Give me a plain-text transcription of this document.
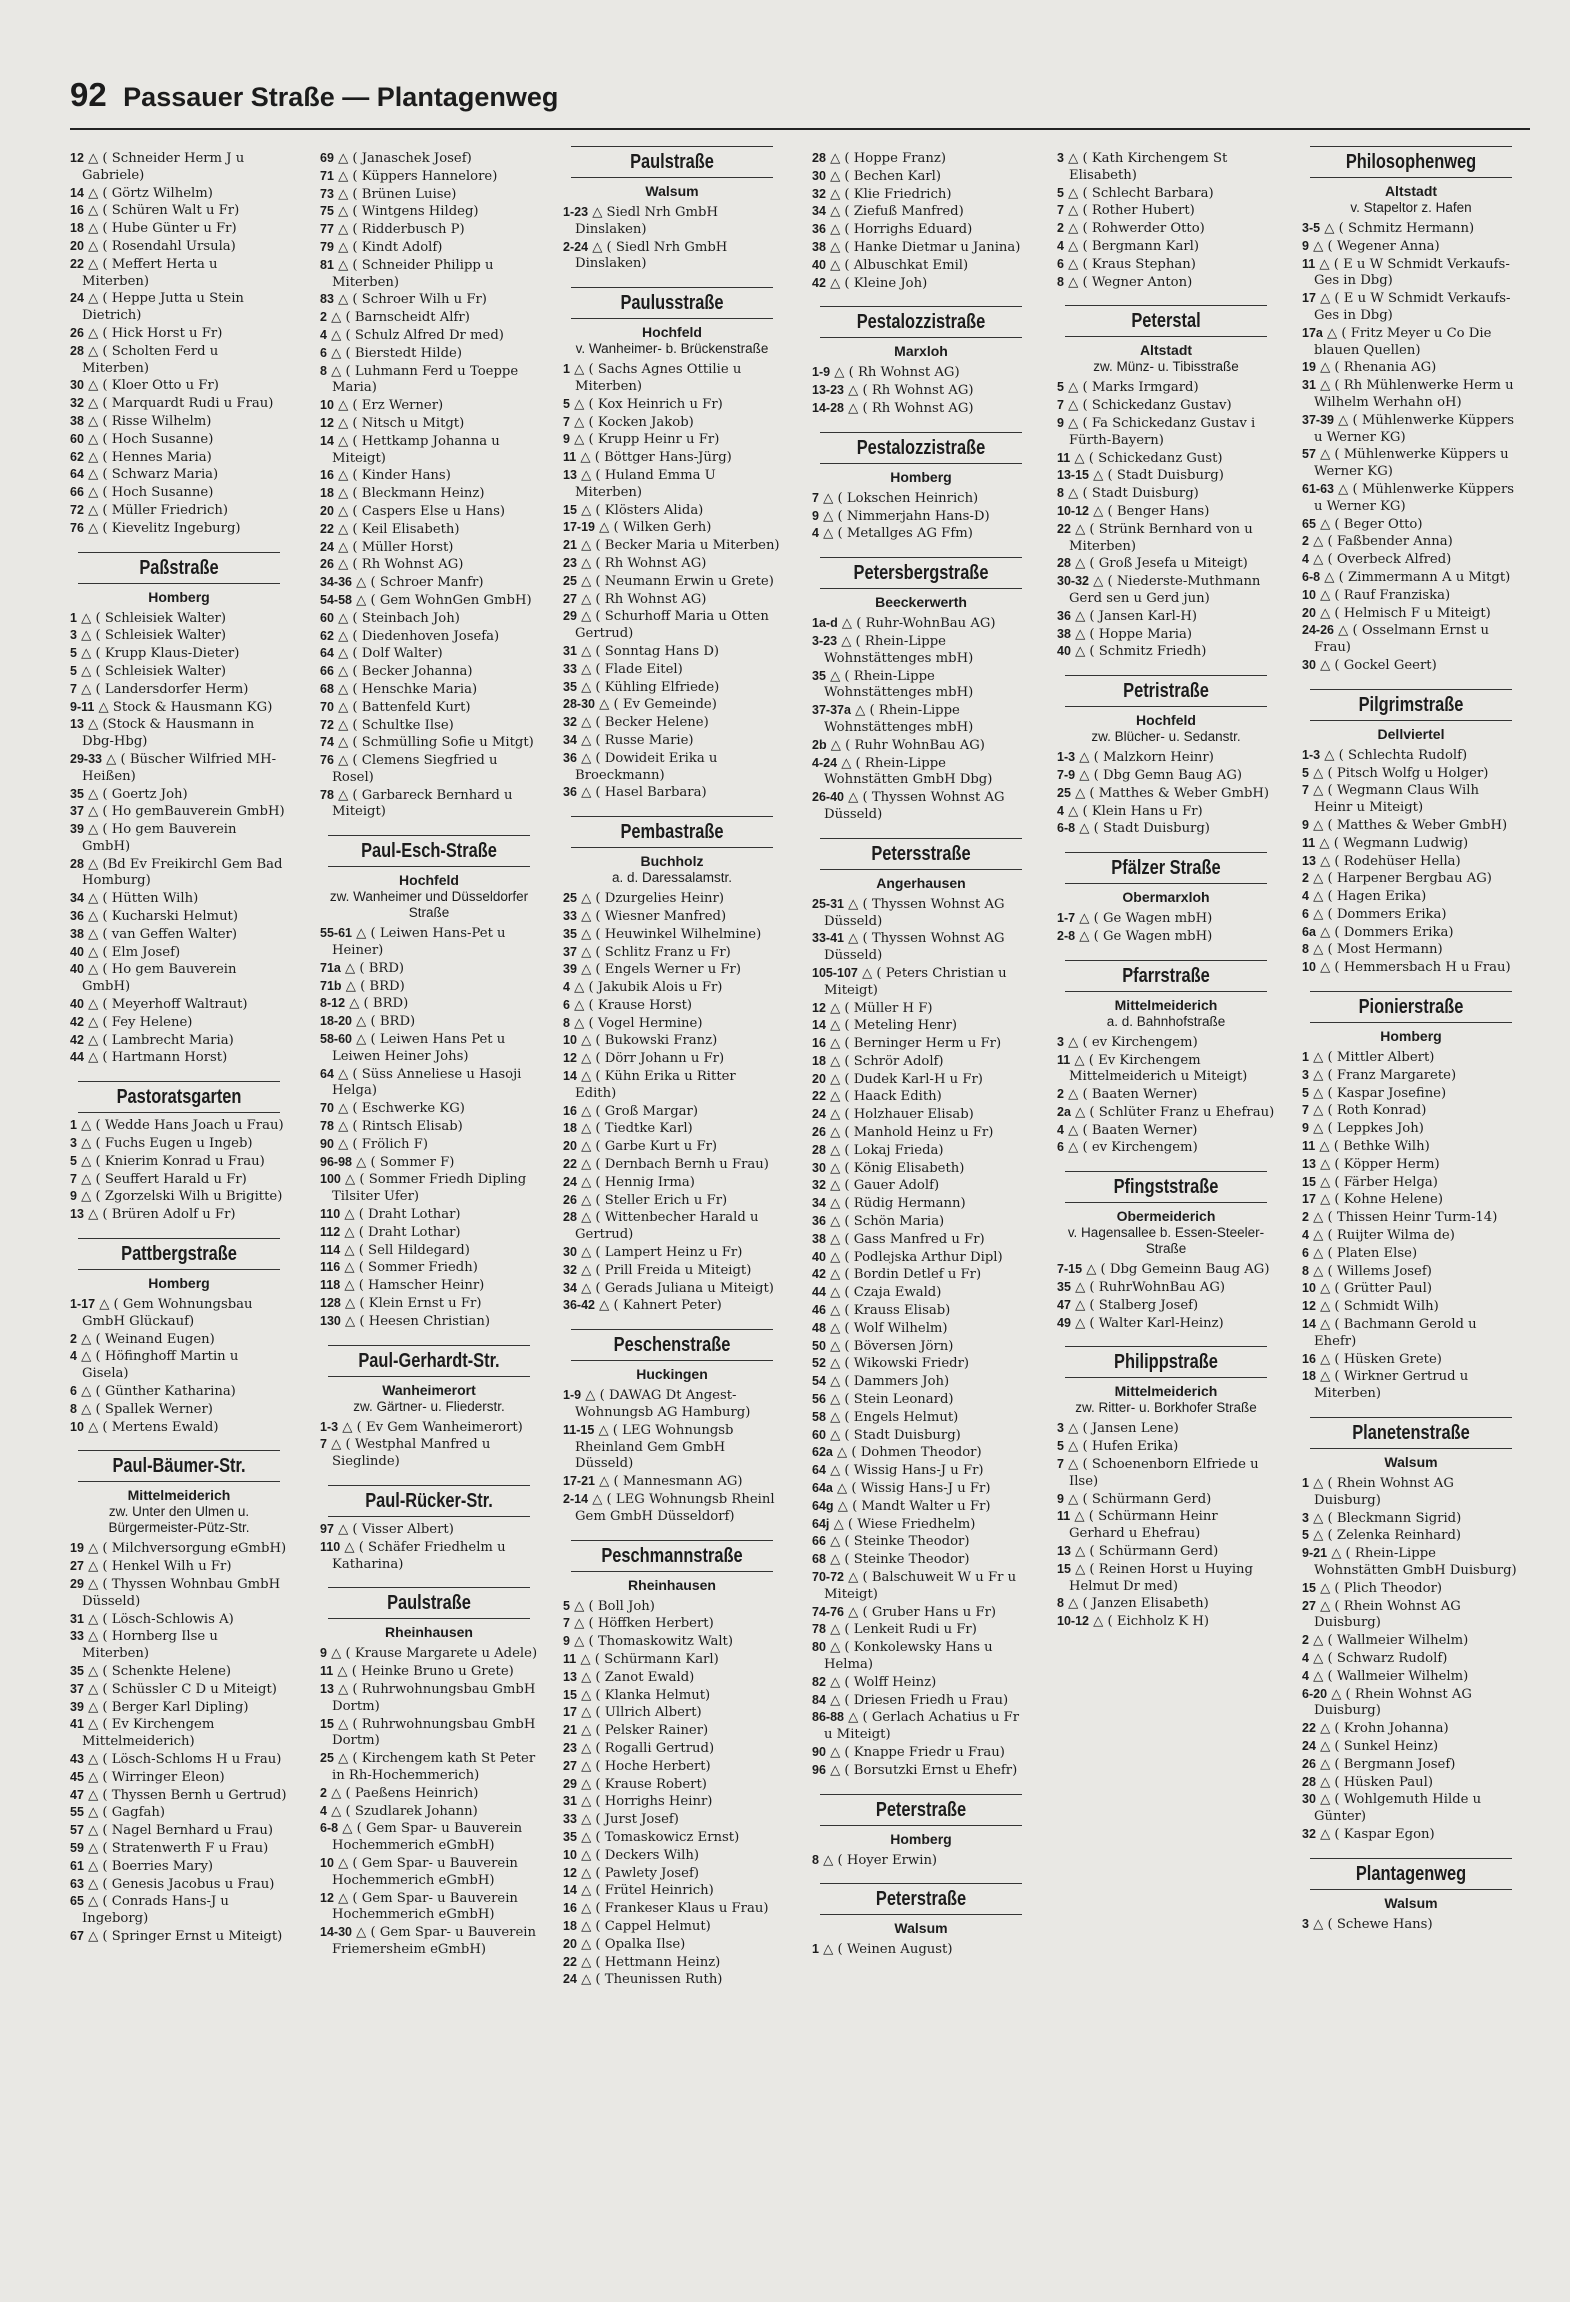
92 Passauer Straße — Plantagenweg
12 △ ( Schneider Herm J u Gabriele)
14 △ ( Görtz Wilhelm)
16 △ ( Schüren Walt u Fr)
18 △ ( Hube Günter u Fr)
20 △ ( Rosendahl Ursula)
22 △ ( Meffert Herta u Miterben)
24 △ ( Heppe Jutta u Stein Dietrich)
26 △ ( Hick Horst u Fr)
28 △ ( Scholten Ferd u Miterben)
30 △ ( Kloer Otto u Fr)
32 △ ( Marquardt Rudi u Frau)
38 △ ( Risse Wilhelm)
60 △ ( Hoch Susanne)
62 △ ( Hennes Maria)
64 △ ( Schwarz Maria)
66 △ ( Hoch Susanne)
72 △ ( Müller Friedrich)
76 △ ( Kievelitz Ingeburg)
Paßstraße
Homberg
1 △ ( Schleisiek Walter)
3 △ ( Schleisiek Walter)
5 △ ( Krupp Klaus-Dieter)
5 △ ( Schleisiek Walter)
7 △ ( Landersdorfer Herm)
9-11 △ Stock & Hausmann KG)
13 △ (Stock & Hausmann in Dbg-Hbg)
29-33 △ ( Büscher Wilfried MH-Heißen)
35 △ ( Goertz Joh)
37 △ ( Ho gemBauverein GmbH)
39 △ ( Ho gem Bauverein GmbH)
28 △ (Bd Ev Freikirchl Gem Bad Homburg)
34 △ ( Hütten Wilh)
36 △ ( Kucharski Helmut)
38 △ ( van Geffen Walter)
40 △ ( Elm Josef)
40 △ ( Ho gem Bauverein GmbH)
40 △ ( Meyerhoff Waltraut)
42 △ ( Fey Helene)
42 △ ( Lambrecht Maria)
44 △ ( Hartmann Horst)
Pastoratsgarten
1 △ ( Wedde Hans Joach u Frau)
3 △ ( Fuchs Eugen u Ingeb)
5 △ ( Knierim Konrad u Frau)
7 △ ( Seuffert Harald u Fr)
9 △ ( Zgorzelski Wilh u Brigitte)
13 △ ( Brüren Adolf u Fr)
Pattbergstraße
Homberg
1-17 △ ( Gem Wohnungsbau GmbH Glückauf)
2 △ ( Weinand Eugen)
4 △ ( Höfinghoff Martin u Gisela)
6 △ ( Günther Katharina)
8 △ ( Spallek Werner)
10 △ ( Mertens Ewald)
Paul-Bäumer-Str.
Mittelmeiderich
zw. Unter den Ulmen u. Bürgermeister-Pütz-Str.
19 △ ( Milchversorgung eGmbH)
27 △ ( Henkel Wilh u Fr)
29 △ ( Thyssen Wohnbau GmbH Düsseld)
31 △ ( Lösch-Schlowis A)
33 △ ( Hornberg Ilse u Miterben)
35 △ ( Schenkte Helene)
37 △ ( Schüssler C D u Miteigt)
39 △ ( Berger Karl Dipling)
41 △ ( Ev Kirchengem Mittelmeiderich)
43 △ ( Lösch-Schloms H u Frau)
45 △ ( Wirringer Eleon)
47 △ ( Thyssen Bernh u Gertrud)
55 △ ( Gagfah)
57 △ ( Nagel Bernhard u Frau)
59 △ ( Stratenwerth F u Frau)
61 △ ( Boerries Mary)
63 △ ( Genesis Jacobus u Frau)
65 △ ( Conrads Hans-J u Ingeborg)
67 △ ( Springer Ernst u Miteigt)
69 △ ( Janaschek Josef)
71 △ ( Küppers Hannelore)
73 △ ( Brünen Luise)
75 △ ( Wintgens Hildeg)
77 △ ( Ridderbusch P)
79 △ ( Kindt Adolf)
81 △ ( Schneider Philipp u Miterben)
83 △ ( Schroer Wilh u Fr)
2 △ ( Barnscheidt Alfr)
4 △ ( Schulz Alfred Dr med)
6 △ ( Bierstedt Hilde)
8 △ ( Luhmann Ferd u Toeppe Maria)
10 △ ( Erz Werner)
12 △ ( Nitsch u Mitgt)
14 △ ( Hettkamp Johanna u Miteigt)
16 △ ( Kinder Hans)
18 △ ( Bleckmann Heinz)
20 △ ( Caspers Else u Hans)
22 △ ( Keil Elisabeth)
24 △ ( Müller Horst)
26 △ ( Rh Wohnst AG)
34-36 △ ( Schroer Manfr)
54-58 △ ( Gem WohnGen GmbH)
60 △ ( Steinbach Joh)
62 △ ( Diedenhoven Josefa)
64 △ ( Dolf Walter)
66 △ ( Becker Johanna)
68 △ ( Henschke Maria)
70 △ ( Battenfeld Kurt)
72 △ ( Schultke Ilse)
74 △ ( Schmülling Sofie u Mitgt)
76 △ ( Clemens Siegfried u Rosel)
78 △ ( Garbareck Bernhard u Miteigt)
Paul-Esch-Straße
Hochfeld
zw. Wanheimer und Düsseldorfer Straße
55-61 △ ( Leiwen Hans-Pet u Heiner)
71a △ ( BRD)
71b △ ( BRD)
8-12 △ ( BRD)
18-20 △ ( BRD)
58-60 △ ( Leiwen Hans Pet u Leiwen Heiner Johs)
64 △ ( Süss Anneliese u Hasoji Helga)
70 △ ( Eschwerke KG)
78 △ ( Rintsch Elisab)
90 △ ( Frölich F)
96-98 △ ( Sommer F)
100 △ ( Sommer Friedh Dipling Tilsiter Ufer)
110 △ ( Draht Lothar)
112 △ ( Draht Lothar)
114 △ ( Sell Hildegard)
116 △ ( Sommer Friedh)
118 △ ( Hamscher Heinr)
128 △ ( Klein Ernst u Fr)
130 △ ( Heesen Christian)
Paul-Gerhardt-Str.
Wanheimerort
zw. Gärtner- u. Fliederstr.
1-3 △ ( Ev Gem Wanheimerort)
7 △ ( Westphal Manfred u Sieglinde)
Paul-Rücker-Str.
97 △ ( Visser Albert)
110 △ ( Schäfer Friedhelm u Katharina)
Paulstraße
Rheinhausen
9 △ ( Krause Margarete u Adele)
11 △ ( Heinke Bruno u Grete)
13 △ ( Ruhrwohnungsbau GmbH Dortm)
15 △ ( Ruhrwohnungsbau GmbH Dortm)
25 △ ( Kirchengem kath St Peter in Rh-Hochemmerich)
2 △ ( Paeßens Heinrich)
4 △ ( Szudlarek Johann)
6-8 △ ( Gem Spar- u Bauverein Hochemmerich eGmbH)
10 △ ( Gem Spar- u Bauverein Hochemmerich eGmbH)
12 △ ( Gem Spar- u Bauverein Hochemmerich eGmbH)
14-30 △ ( Gem Spar- u Bauverein Friemersheim eGmbH)
Paulstraße
Walsum
1-23 △ Siedl Nrh GmbH Dinslaken)
2-24 △ ( Siedl Nrh GmbH Dinslaken)
Paulusstraße
Hochfeld
v. Wanheimer- b. Brückenstraße
1 △ ( Sachs Agnes Ottilie u Miterben)
5 △ ( Kox Heinrich u Fr)
7 △ ( Kocken Jakob)
9 △ ( Krupp Heinr u Fr)
11 △ ( Böttger Hans-Jürg)
13 △ ( Huland Emma U Miterben)
15 △ ( Klösters Alida)
17-19 △ ( Wilken Gerh)
21 △ ( Becker Maria u Miterben)
23 △ ( Rh Wohnst AG)
25 △ ( Neumann Erwin u Grete)
27 △ ( Rh Wohnst AG)
29 △ ( Schurhoff Maria u Otten Gertrud)
31 △ ( Sonntag Hans D)
33 △ ( Flade Eitel)
35 △ ( Kühling Elfriede)
28-30 △ ( Ev Gemeinde)
32 △ ( Becker Helene)
34 △ ( Russe Marie)
36 △ ( Dowideit Erika u Broeckmann)
36 △ ( Hasel Barbara)
Pembastraße
Buchholz
a. d. Daressalamstr.
25 △ ( Dzurgelies Heinr)
33 △ ( Wiesner Manfred)
35 △ ( Heuwinkel Wilhelmine)
37 △ ( Schlitz Franz u Fr)
39 △ ( Engels Werner u Fr)
4 △ ( Jakubik Alois u Fr)
6 △ ( Krause Horst)
8 △ ( Vogel Hermine)
10 △ ( Bukowski Franz)
12 △ ( Dörr Johann u Fr)
14 △ ( Kühn Erika u Ritter Edith)
16 △ ( Groß Margar)
18 △ ( Tiedtke Karl)
20 △ ( Garbe Kurt u Fr)
22 △ ( Dernbach Bernh u Frau)
24 △ ( Hennig Irma)
26 △ ( Steller Erich u Fr)
28 △ ( Wittenbecher Harald u Gertrud)
30 △ ( Lampert Heinz u Fr)
32 △ ( Prill Freida u Miteigt)
34 △ ( Gerads Juliana u Miteigt)
36-42 △ ( Kahnert Peter)
Peschenstraße
Huckingen
1-9 △ ( DAWAG Dt Angest-Wohnungsb AG Hamburg)
11-15 △ ( LEG Wohnungsb Rheinland Gem GmbH Düsseld)
17-21 △ ( Mannesmann AG)
2-14 △ ( LEG Wohnungsb Rheinl Gem GmbH Düsseldorf)
Peschmannstraße
Rheinhausen
5 △ ( Boll Joh)
7 △ ( Höffken Herbert)
9 △ ( Thomaskowitz Walt)
11 △ ( Schürmann Karl)
13 △ ( Zanot Ewald)
15 △ ( Klanka Helmut)
17 △ ( Ullrich Albert)
21 △ ( Pelsker Rainer)
23 △ ( Rogalli Gertrud)
27 △ ( Hoche Herbert)
29 △ ( Krause Robert)
31 △ ( Horrighs Heinr)
33 △ ( Jurst Josef)
35 △ ( Tomaskowicz Ernst)
10 △ ( Deckers Wilh)
12 △ ( Pawlety Josef)
14 △ ( Frütel Heinrich)
16 △ ( Frankeser Klaus u Frau)
18 △ ( Cappel Helmut)
20 △ ( Opalka Ilse)
22 △ ( Hettmann Heinz)
24 △ ( Theunissen Ruth)
28 △ ( Hoppe Franz)
30 △ ( Bechen Karl)
32 △ ( Klie Friedrich)
34 △ ( Ziefuß Manfred)
36 △ ( Horrighs Eduard)
38 △ ( Hanke Dietmar u Janina)
40 △ ( Albuschkat Emil)
42 △ ( Kleine Joh)
Pestalozzistraße
Marxloh
1-9 △ ( Rh Wohnst AG)
13-23 △ ( Rh Wohnst AG)
14-28 △ ( Rh Wohnst AG)
Pestalozzistraße
Homberg
7 △ ( Lokschen Heinrich)
9 △ ( Nimmerjahn Hans-D)
4 △ ( Metallges AG Ffm)
Petersbergstraße
Beeckerwerth
1a-d △ ( Ruhr-WohnBau AG)
3-23 △ ( Rhein-Lippe Wohnstättenges mbH)
35 △ ( Rhein-Lippe Wohnstättenges mbH)
37-37a △ ( Rhein-Lippe Wohnstättenges mbH)
2b △ ( Ruhr WohnBau AG)
4-24 △ ( Rhein-Lippe Wohnstätten GmbH Dbg)
26-40 △ ( Thyssen Wohnst AG Düsseld)
Petersstraße
Angerhausen
25-31 △ ( Thyssen Wohnst AG Düsseld)
33-41 △ ( Thyssen Wohnst AG Düsseld)
105-107 △ ( Peters Christian u Miteigt)
12 △ ( Müller H F)
14 △ ( Meteling Henr)
16 △ ( Berninger Herm u Fr)
18 △ ( Schrör Adolf)
20 △ ( Dudek Karl-H u Fr)
22 △ ( Haack Edith)
24 △ ( Holzhauer Elisab)
26 △ ( Manhold Heinz u Fr)
28 △ ( Lokaj Frieda)
30 △ ( König Elisabeth)
32 △ ( Gauer Adolf)
34 △ ( Rüdig Hermann)
36 △ ( Schön Maria)
38 △ ( Gass Manfred u Fr)
40 △ ( Podlejska Arthur Dipl)
42 △ ( Bordin Detlef u Fr)
44 △ ( Czaja Ewald)
46 △ ( Krauss Elisab)
48 △ ( Wolf Wilhelm)
50 △ ( Böversen Jörn)
52 △ ( Wikowski Friedr)
54 △ ( Dammers Joh)
56 △ ( Stein Leonard)
58 △ ( Engels Helmut)
60 △ ( Stadt Duisburg)
62a △ ( Dohmen Theodor)
64 △ ( Wissig Hans-J u Fr)
64a △ ( Wissig Hans-J u Fr)
64g △ ( Mandt Walter u Fr)
64j △ ( Wiese Friedhelm)
66 △ ( Steinke Theodor)
68 △ ( Steinke Theodor)
70-72 △ ( Balschuweit W u Fr u Miteigt)
74-76 △ ( Gruber Hans u Fr)
78 △ ( Lenkeit Rudi u Fr)
80 △ ( Konkolewsky Hans u Helma)
82 △ ( Wolff Heinz)
84 △ ( Driesen Friedh u Frau)
86-88 △ ( Gerlach Achatius u Fr u Miteigt)
90 △ ( Knappe Friedr u Frau)
96 △ ( Borsutzki Ernst u Ehefr)
Peterstraße
Homberg
8 △ ( Hoyer Erwin)
Peterstraße
Walsum
1 △ ( Weinen August)
3 △ ( Kath Kirchengem St Elisabeth)
5 △ ( Schlecht Barbara)
7 △ ( Rother Hubert)
2 △ ( Rohwerder Otto)
4 △ ( Bergmann Karl)
6 △ ( Kraus Stephan)
8 △ ( Wegner Anton)
Peterstal
Altstadt
zw. Münz- u. Tibisstraße
5 △ ( Marks Irmgard)
7 △ ( Schickedanz Gustav)
9 △ ( Fa Schickedanz Gustav i Fürth-Bayern)
11 △ ( Schickedanz Gust)
13-15 △ ( Stadt Duisburg)
8 △ ( Stadt Duisburg)
10-12 △ ( Benger Hans)
22 △ ( Strünk Bernhard von u Miterben)
28 △ ( Groß Jesefa u Miteigt)
30-32 △ ( Niederste-Muthmann Gerd sen u Gerd jun)
36 △ ( Jansen Karl-H)
38 △ ( Hoppe Maria)
40 △ ( Schmitz Friedh)
Petristraße
Hochfeld
zw. Blücher- u. Sedanstr.
1-3 △ ( Malzkorn Heinr)
7-9 △ ( Dbg Gemn Baug AG)
25 △ ( Matthes & Weber GmbH)
4 △ ( Klein Hans u Fr)
6-8 △ ( Stadt Duisburg)
Pfälzer Straße
Obermarxloh
1-7 △ ( Ge Wagen mbH)
2-8 △ ( Ge Wagen mbH)
Pfarrstraße
Mittelmeiderich
a. d. Bahnhofstraße
3 △ ( ev Kirchengem)
11 △ ( Ev Kirchengem Mittelmeiderich u Miteigt)
2 △ ( Baaten Werner)
2a △ ( Schlüter Franz u Ehefrau)
4 △ ( Baaten Werner)
6 △ ( ev Kirchengem)
Pfingststraße
Obermeiderich
v. Hagensallee b. Essen-Steeler-Straße
7-15 △ ( Dbg Gemeinn Baug AG)
35 △ ( RuhrWohnBau AG)
47 △ ( Stalberg Josef)
49 △ ( Walter Karl-Heinz)
Philippstraße
Mittelmeiderich
zw. Ritter- u. Borkhofer Straße
3 △ ( Jansen Lene)
5 △ ( Hufen Erika)
7 △ ( Schoenenborn Elfriede u Ilse)
9 △ ( Schürmann Gerd)
11 △ ( Schürmann Heinr Gerhard u Ehefrau)
13 △ ( Schürmann Gerd)
15 △ ( Reinen Horst u Huying Helmut Dr med)
8 △ ( Janzen Elisabeth)
10-12 △ ( Eichholz K H)
Philosophenweg
Altstadt
v. Stapeltor z. Hafen
3-5 △ ( Schmitz Hermann)
9 △ ( Wegener Anna)
11 △ ( E u W Schmidt Verkaufs-Ges in Dbg)
17 △ ( E u W Schmidt Verkaufs-Ges in Dbg)
17a △ ( Fritz Meyer u Co Die blauen Quellen)
19 △ ( Rhenania AG)
31 △ ( Rh Mühlenwerke Herm u Wilhelm Werhahn oH)
37-39 △ ( Mühlenwerke Küppers u Werner KG)
57 △ ( Mühlenwerke Küppers u Werner KG)
61-63 △ ( Mühlenwerke Küppers u Werner KG)
65 △ ( Beger Otto)
2 △ ( Faßbender Anna)
4 △ ( Overbeck Alfred)
6-8 △ ( Zimmermann A u Mitgt)
10 △ ( Rauf Franziska)
20 △ ( Helmisch F u Miteigt)
24-26 △ ( Osselmann Ernst u Frau)
30 △ ( Gockel Geert)
Pilgrimstraße
Dellviertel
1-3 △ ( Schlechta Rudolf)
5 △ ( Pitsch Wolfg u Holger)
7 △ ( Wegmann Claus Wilh Heinr u Miteigt)
9 △ ( Matthes & Weber GmbH)
11 △ ( Wegmann Ludwig)
13 △ ( Rodehüser Hella)
2 △ ( Harpener Bergbau AG)
4 △ ( Hagen Erika)
6 △ ( Dommers Erika)
6a △ ( Dommers Erika)
8 △ ( Most Hermann)
10 △ ( Hemmersbach H u Frau)
Pionierstraße
Homberg
1 △ ( Mittler Albert)
3 △ ( Franz Margarete)
5 △ ( Kaspar Josefine)
7 △ ( Roth Konrad)
9 △ ( Leppkes Joh)
11 △ ( Bethke Wilh)
13 △ ( Köpper Herm)
15 △ ( Färber Helga)
17 △ ( Kohne Helene)
2 △ ( Thissen Heinr Turm-14)
4 △ ( Ruijter Wilma de)
6 △ ( Platen Else)
8 △ ( Willems Josef)
10 △ ( Grütter Paul)
12 △ ( Schmidt Wilh)
14 △ ( Bachmann Gerold u Ehefr)
16 △ ( Hüsken Grete)
18 △ ( Wirkner Gertrud u Miterben)
Planetenstraße
Walsum
1 △ ( Rhein Wohnst AG Duisburg)
3 △ ( Bleckmann Sigrid)
5 △ ( Zelenka Reinhard)
9-21 △ ( Rhein-Lippe Wohnstätten GmbH Duisburg)
15 △ ( Plich Theodor)
27 △ ( Rhein Wohnst AG Duisburg)
2 △ ( Wallmeier Wilhelm)
4 △ ( Schwarz Rudolf)
4 △ ( Wallmeier Wilhelm)
6-20 △ ( Rhein Wohnst AG Duisburg)
22 △ ( Krohn Johanna)
24 △ ( Sunkel Heinz)
26 △ ( Bergmann Josef)
28 △ ( Hüsken Paul)
30 △ ( Wohlgemuth Hilde u Günter)
32 △ ( Kaspar Egon)
Plantagenweg
Walsum
3 △ ( Schewe Hans)
